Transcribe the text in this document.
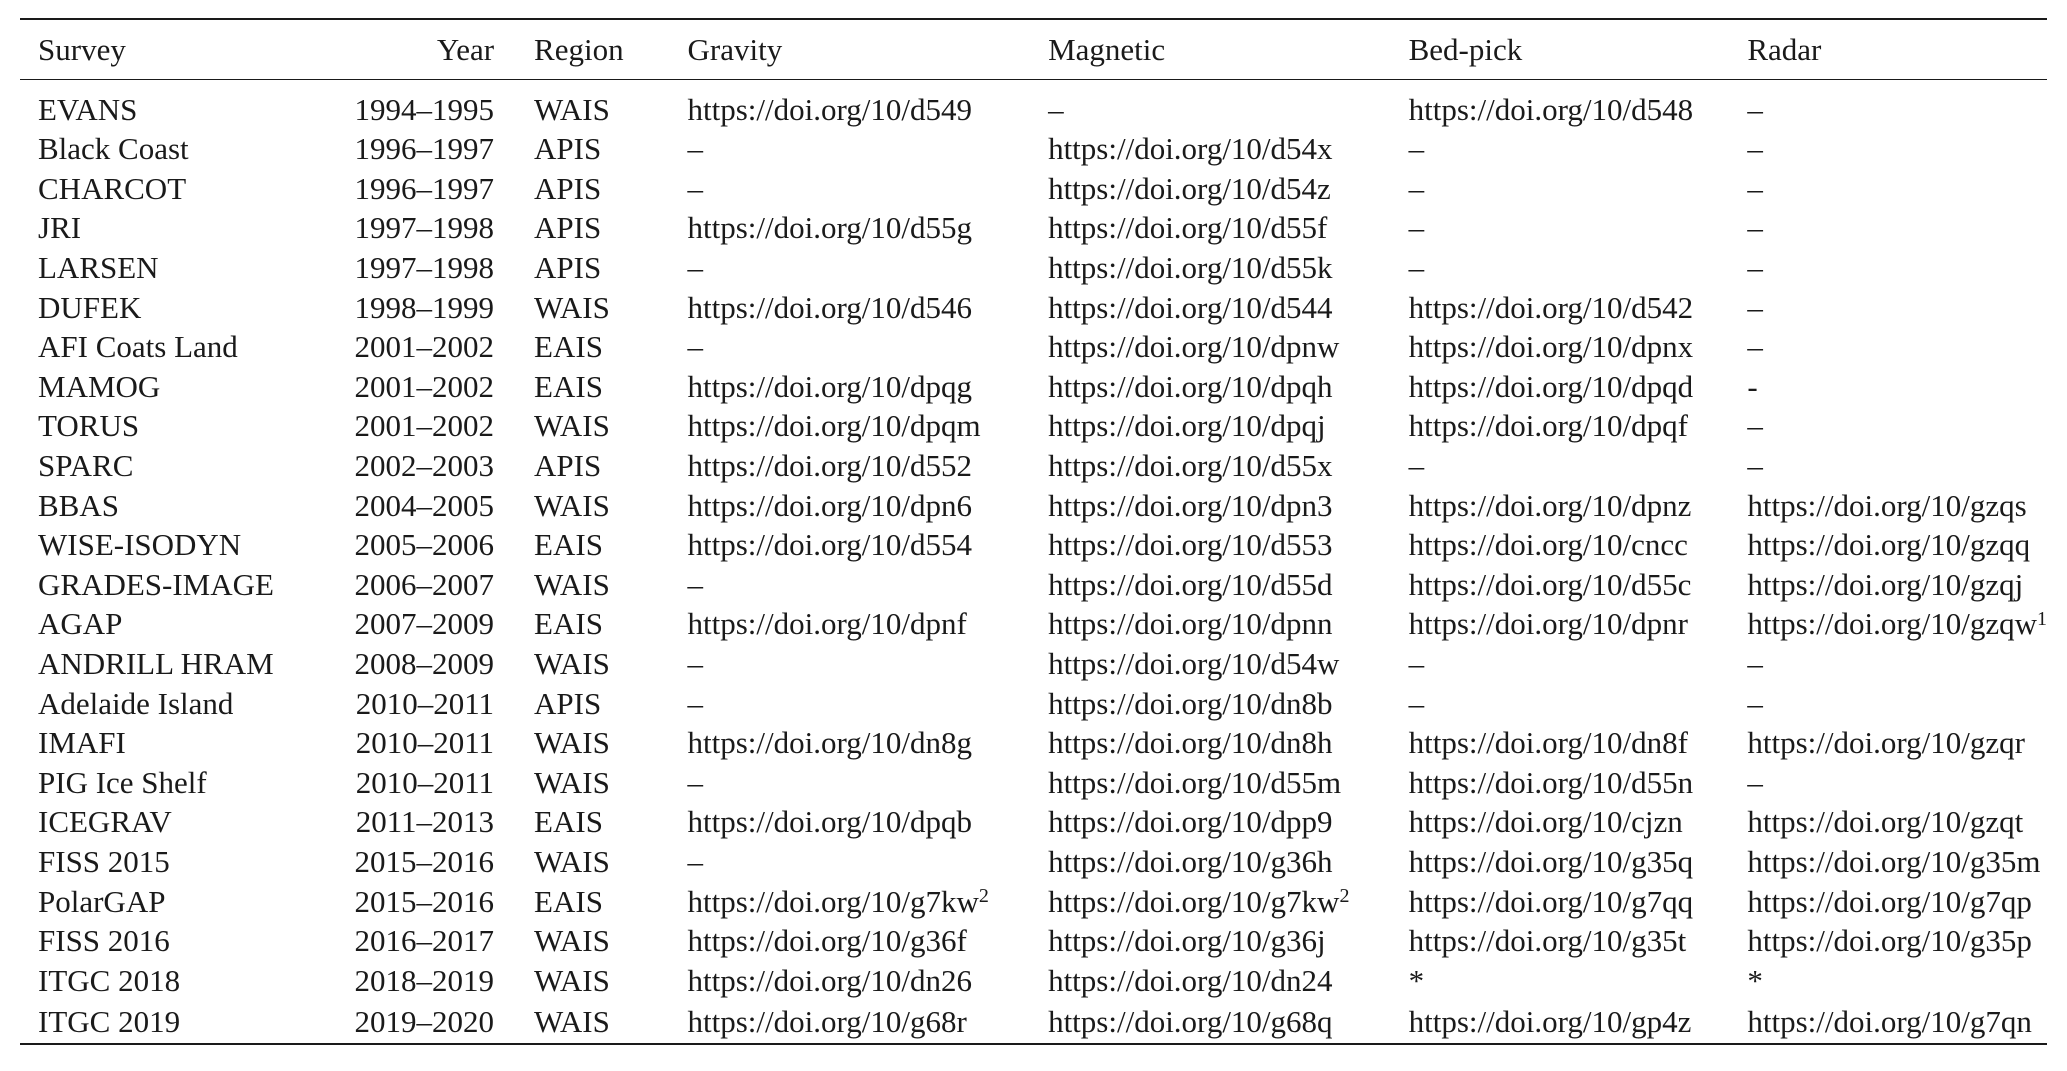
Survey	Year	Region	Gravity	Magnetic	Bed-pick	Radar
EVANS	1994–1995	WAIS	https://doi.org/10/d549	–	https://doi.org/10/d548	–
Black Coast	1996–1997	APIS	–	https://doi.org/10/d54x	–	–
CHARCOT	1996–1997	APIS	–	https://doi.org/10/d54z	–	–
JRI	1997–1998	APIS	https://doi.org/10/d55g	https://doi.org/10/d55f	–	–
LARSEN	1997–1998	APIS	–	https://doi.org/10/d55k	–	–
DUFEK	1998–1999	WAIS	https://doi.org/10/d546	https://doi.org/10/d544	https://doi.org/10/d542	–
AFI Coats Land	2001–2002	EAIS	–	https://doi.org/10/dpnw	https://doi.org/10/dpnx	–
MAMOG	2001–2002	EAIS	https://doi.org/10/dpqg	https://doi.org/10/dpqh	https://doi.org/10/dpqd	-
TORUS	2001–2002	WAIS	https://doi.org/10/dpqm	https://doi.org/10/dpqj	https://doi.org/10/dpqf	–
SPARC	2002–2003	APIS	https://doi.org/10/d552	https://doi.org/10/d55x	–	–
BBAS	2004–2005	WAIS	https://doi.org/10/dpn6	https://doi.org/10/dpn3	https://doi.org/10/dpnz	https://doi.org/10/gzqs
WISE-ISODYN	2005–2006	EAIS	https://doi.org/10/d554	https://doi.org/10/d553	https://doi.org/10/cncc	https://doi.org/10/gzqq
GRADES-IMAGE	2006–2007	WAIS	–	https://doi.org/10/d55d	https://doi.org/10/d55c	https://doi.org/10/gzqj
AGAP	2007–2009	EAIS	https://doi.org/10/dpnf	https://doi.org/10/dpnn	https://doi.org/10/dpnr	https://doi.org/10/gzqw$^1$
ANDRILL HRAM	2008–2009	WAIS	–	https://doi.org/10/d54w	–	–
Adelaide Island	2010–2011	APIS	–	https://doi.org/10/dn8b	–	–
IMAFI	2010–2011	WAIS	https://doi.org/10/dn8g	https://doi.org/10/dn8h	https://doi.org/10/dn8f	https://doi.org/10/gzqr
PIG Ice Shelf	2010–2011	WAIS	–	https://doi.org/10/d55m	https://doi.org/10/d55n	–
ICEGRAV	2011–2013	EAIS	https://doi.org/10/dpqb	https://doi.org/10/dpp9	https://doi.org/10/cjzn	https://doi.org/10/gzqt
FISS 2015	2015–2016	WAIS	–	https://doi.org/10/g36h	https://doi.org/10/g35q	https://doi.org/10/g35m
PolarGAP	2015–2016	EAIS	$https://doi.org/10/g7kw^2$	$https://doi.org/10/g7kw^2$	https://doi.org/10/g7qq	https://doi.org/10/g7qp
FISS 2016	2016–2017	WAIS	https://doi.org/10/g36f	https://doi.org/10/g36j	https://doi.org/10/g35t	https://doi.org/10/g35p
ITGC 2018	2018–2019	WAIS	https://doi.org/10/dn26	https://doi.org/10/dn24	*	*
ITGC 2019	2019–2020	WAIS	https://doi.org/10/g68r	https://doi.org/10/g68q	https://doi.org/10/gp4z	https://doi.org/10/g7qn
